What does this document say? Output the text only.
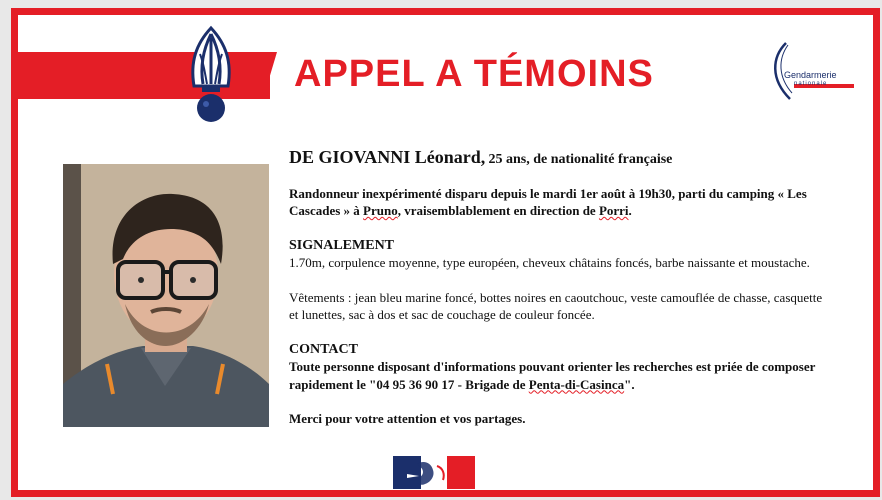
APPEL A TÉMOINS	Gendarmerie
nationale

DE GIOVANNI Léonard, 25 ans, de nationalité française

Randonneur inexpérimenté disparu depuis le mardi 1er août à 19h30, parti du camping « Les Cascades » à Pruno, vraisemblablement en direction de Porri.

SIGNALEMENT

1.70m, corpulence moyenne, type européen, cheveux châtains foncés, barbe naissante et moustache.

Vêtements : jean bleu marine foncé, bottes noires en caoutchouc, veste camouflée de chasse, casquette et lunettes, sac à dos et sac de couchage de couleur foncée.

CONTACT

Toute personne disposant d'informations pouvant orienter les recherches est priée de composer rapidement le "04 95 36 90 17 - Brigade de Penta-di-Casinca".

Merci pour votre attention et vos partages.
